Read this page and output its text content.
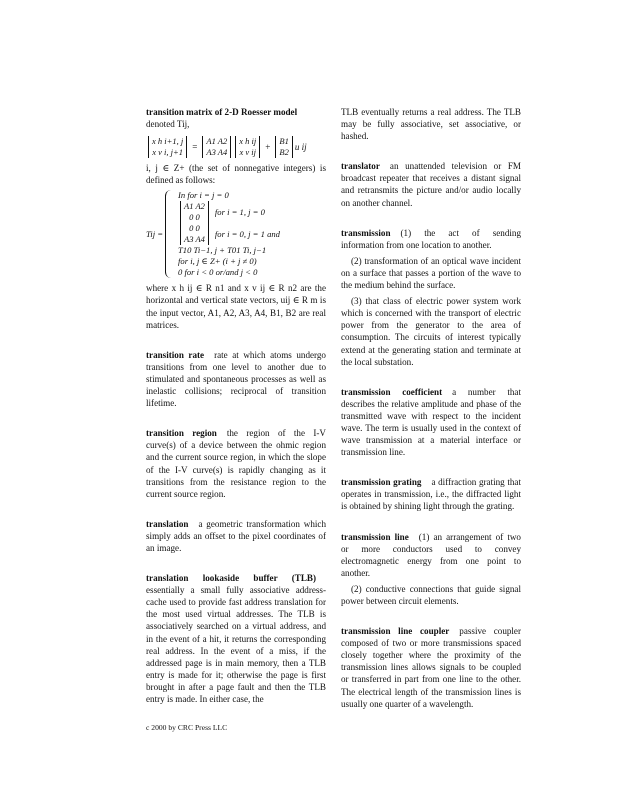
transition matrix of 2-D Roesser model
denoted Tij,

x h i+1, j
x v i, j+1
=
A1 A2
A3 A4
x h ij
x v ij
+
B1
B2
u ij

i, j ∈ Z+ (the set of nonnegative integers) is defined as follows:

Tij =
In for i = j = 0
A1 A2
0 0
for i = 1, j = 0
0 0
A3 A4
for i = 0, j = 1 and
T10 Ti−1, j + T01 Ti, j−1
for i, j ∈ Z+ (i + j ≠ 0)
0 for i < 0 or/and j < 0

where x h ij ∈ R n1 and x v ij ∈ R n2 are the horizontal and vertical state vectors, uij ∈ R m is the input vector, A1, A2, A3, A4, B1, B2 are real matrices.

transition rate rate at which atoms undergo transitions from one level to another due to stimulated and spontaneous processes as well as inelastic collisions; reciprocal of transition lifetime.

transition region the region of the I-V curve(s) of a device between the ohmic region and the current source region, in which the slope of the I-V curve(s) is rapidly changing as it transitions from the resistance region to the current source region.

translation a geometric transformation which simply adds an offset to the pixel coordinates of an image.

translation lookaside buffer (TLB)essentially a small fully associative address-cache used to provide fast address translation for the most used virtual addresses. The TLB is associatively searched on a virtual address, and in the event of a hit, it returns the corresponding real address. In the event of a miss, if the addressed page is in main memory, then a TLB entry is made for it; otherwise the page is first brought in after a page fault and then the TLB entry is made. In either case, the

TLB eventually returns a real address. The TLB may be fully associative, set associative, or hashed.

translator an unattended television or FM broadcast repeater that receives a distant signal and retransmits the picture and/or audio locally on another channel.

transmission (1) the act of sending information from one location to another.

(2) transformation of an optical wave incident on a surface that passes a portion of the wave to the medium behind the surface.

(3) that class of electric power system work which is concerned with the transport of electric power from the generator to the area of consumption. The circuits of interest typically extend at the generating station and terminate at the local substation.

transmission coefficient a number that describes the relative amplitude and phase of the transmitted wave with respect to the incident wave. The term is usually used in the context of wave transmission at a material interface or transmission line.

transmission grating a diffraction grating that operates in transmission, i.e., the diffracted light is obtained by shining light through the grating.

transmission line (1) an arrangement of two or more conductors used to convey electromagnetic energy from one point to another.

(2) conductive connections that guide signal power between circuit elements.

transmission line coupler passive coupler composed of two or more transmissions spaced closely together where the proximity of the transmission lines allows signals to be coupled or transferred in part from one line to the other. The electrical length of the transmission lines is usually one quarter of a wavelength.

c 2000 by CRC Press LLC
